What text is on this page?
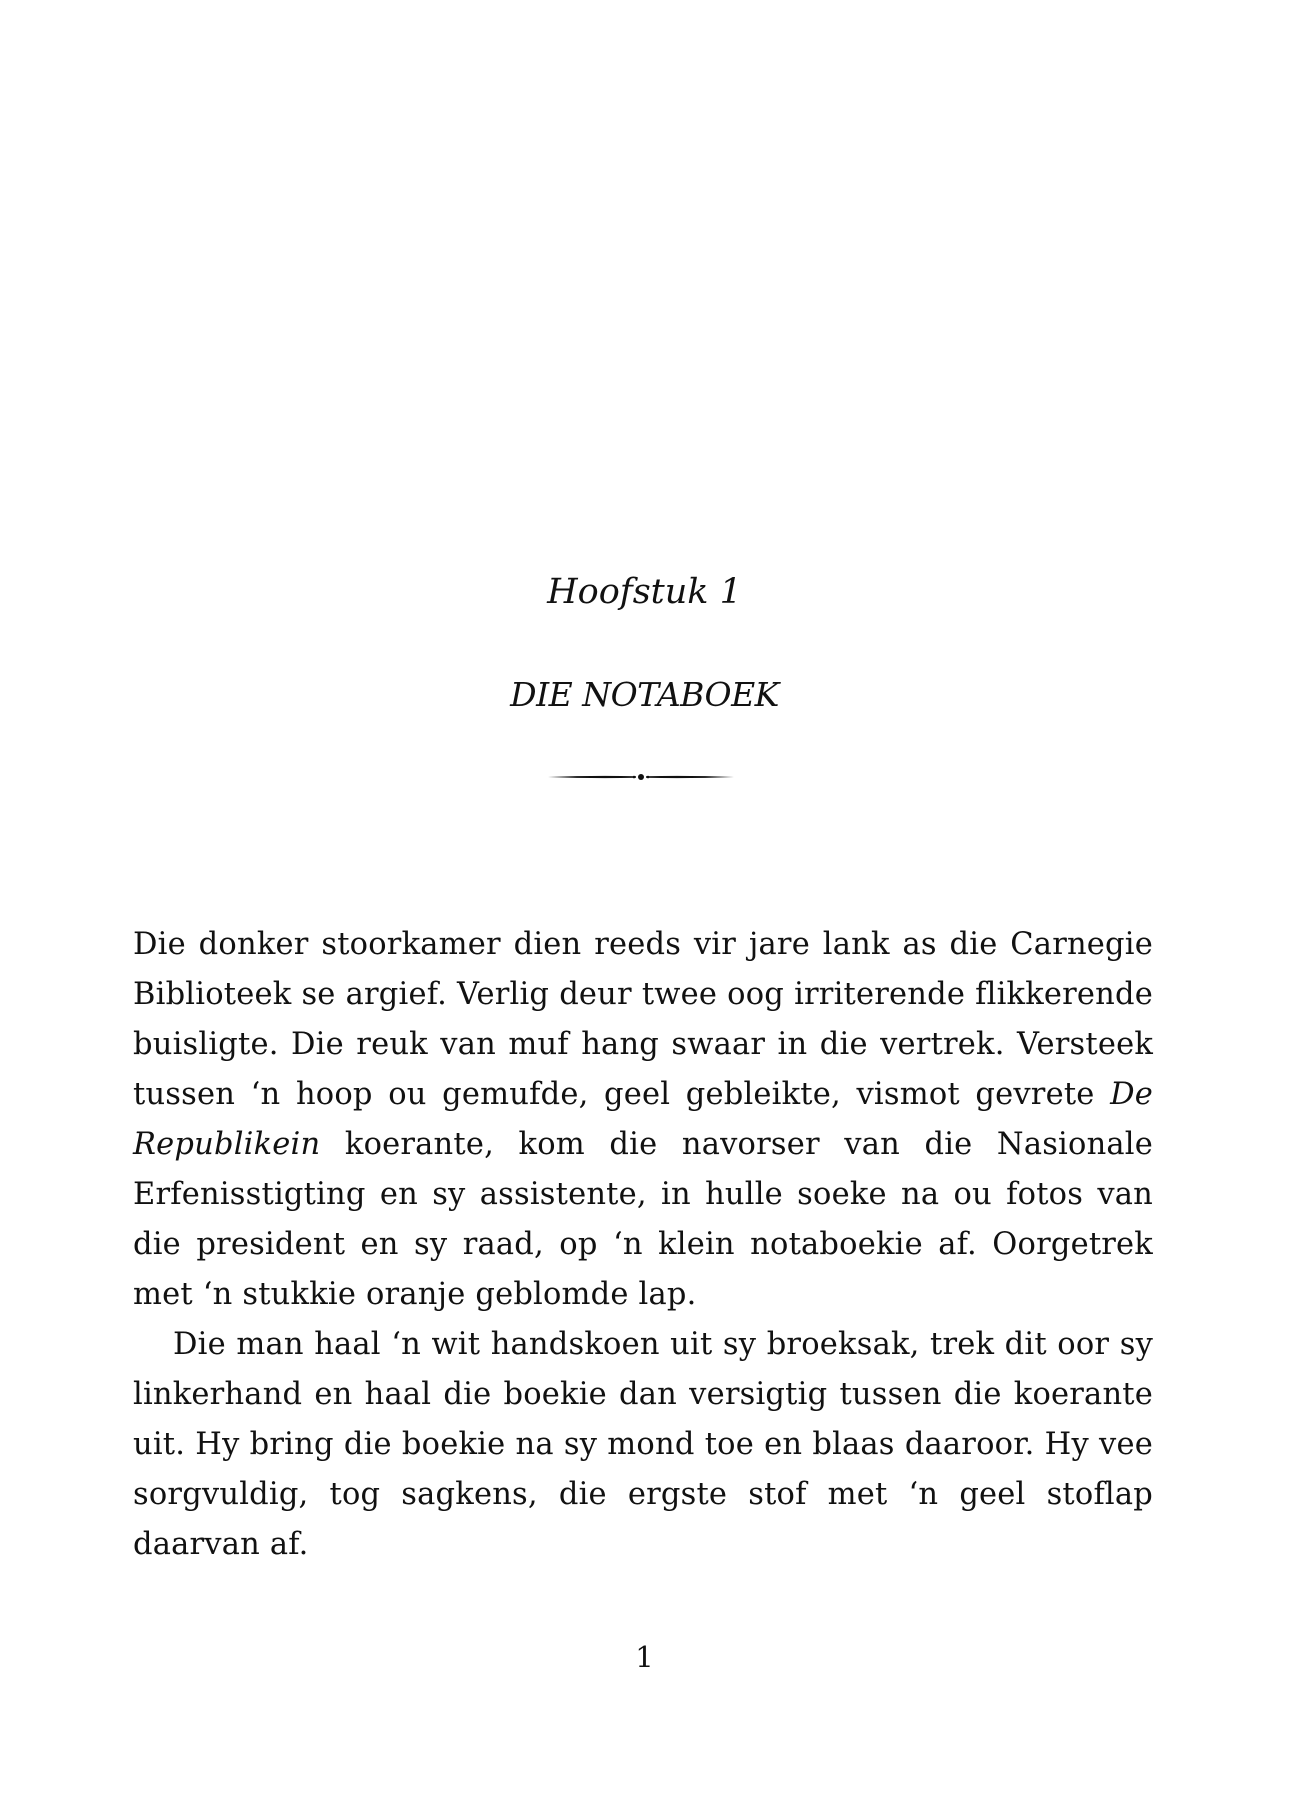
Hoofstuk 1
DIE NOTABOEK

Die donker stoorkamer dien reeds vir jare lank as die Carnegie Biblioteek se argief. Verlig deur twee oog irriterende flikkerende buisligte. Die reuk van muf hang swaar in die vertrek. Versteek tussen ‘n hoop ou gemufde, geel gebleikte, vismot gevrete De Republikein koerante, kom die navorser van die Nasionale Erfenisstigting en sy assistente, in hulle soeke na ou fotos van die president en sy raad, op ‘n klein notaboekie af. Oorgetrek met ‘n stukkie oranje geblomde lap.

Die man haal ‘n wit handskoen uit sy broeksak, trek dit oor sy linkerhand en haal die boekie dan versigtig tussen die koerante uit. Hy bring die boekie na sy mond toe en blaas daaroor. Hy vee sorgvuldig, tog sagkens, die ergste stof met ‘n geel stoflap daarvan af.

1
